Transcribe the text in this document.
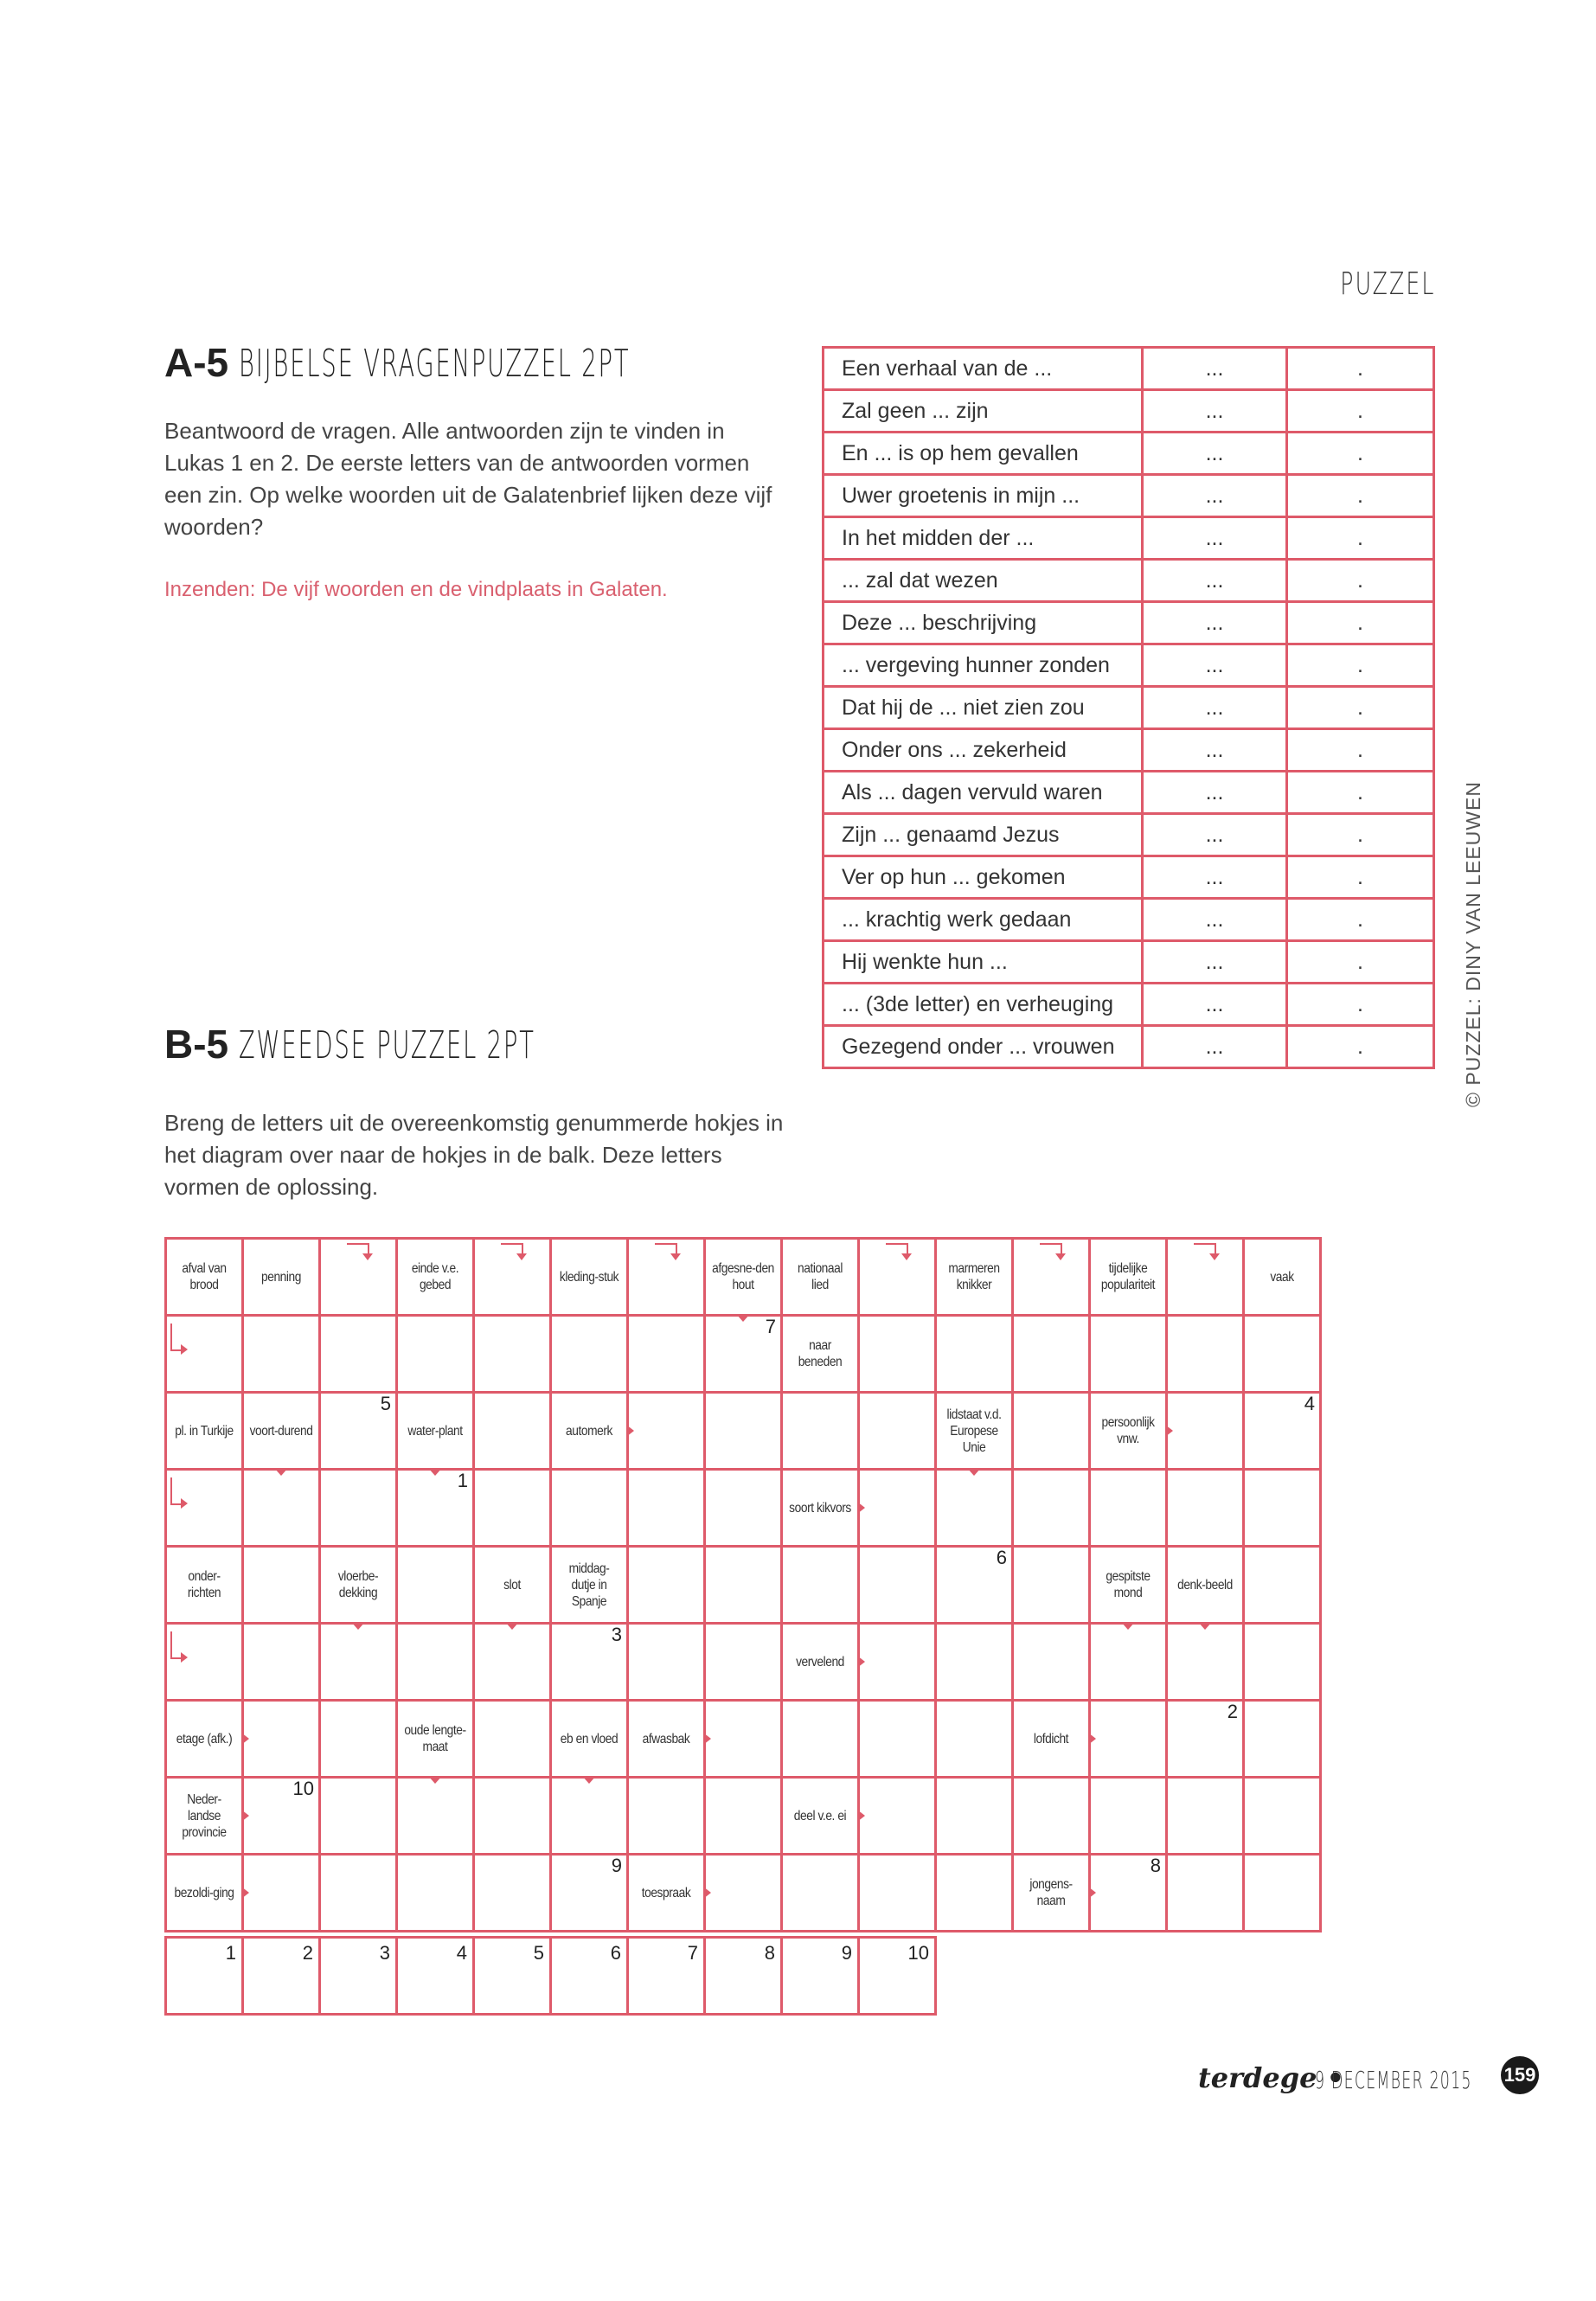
PUZZEL
A-5 BIJBELSE VRAGENPUZZEL 2PT
Beantwoord de vragen. Alle antwoorden zijn te vinden in Lukas 1 en 2. De eerste letters van de antwoorden vormen een zin. Op welke woorden uit de Galatenbrief lijken deze vijf woorden?
Inzenden: De vijf woorden en de vindplaats in Galaten.
Een verhaal van de ...	...	.
Zal geen ... zijn	...	.
En ... is op hem gevallen	...	.
Uwer groetenis in mijn ...	...	.
In het midden der ...	...	.
... zal dat wezen	...	.
Deze ... beschrijving	...	.
... vergeving hunner zonden	...	.
Dat hij de ... niet zien zou	...	.
Onder ons ... zekerheid	...	.
Als ... dagen vervuld waren	...	.
Zijn ... genaamd Jezus	...	.
Ver op hun ... gekomen	...	.
... krachtig werk gedaan	...	.
Hij wenkte hun ...	...	.
... (3de letter) en verheuging	...	.
Gezegend onder ... vrouwen	...	.	© PUZZEL: DINY VAN LEEUWEN
B-5 ZWEEDSE PUZZEL 2PT
Breng de letters uit de overeenkomstig genummerde hokjes in het diagram over naar de hokjes in de balk. Deze letters vormen de oplossing.
afval van brood	penning		einde v.e. gebed		kleding-stuk		afgesne-den hout	nationaal lied		marmeren knikker		tijdelijke populariteit		vaak

							7	naar beneden						

pl. in Turkije	voort-durend	5	water-plant		automerk					lidstaat v.d. Europese Unie		persoonlijk vnw.		4

			1					soort kikvors						

onder-richten		vloerbe-dekking		slot	middag-dutje in Spanje					6		gespitste mond	denk-beeld	

					3			vervelend						

etage (afk.)			oude lengte-maat		eb en vloed	afwasbak					lofdicht		2	

Neder-landse provincie	10							deel v.e. ei						

bezoldi-ging					9	toespraak					jongens-naam	8		

1	2	3	4	5	6	7	8	9	10
terdege •
9 DECEMBER 2015 159
